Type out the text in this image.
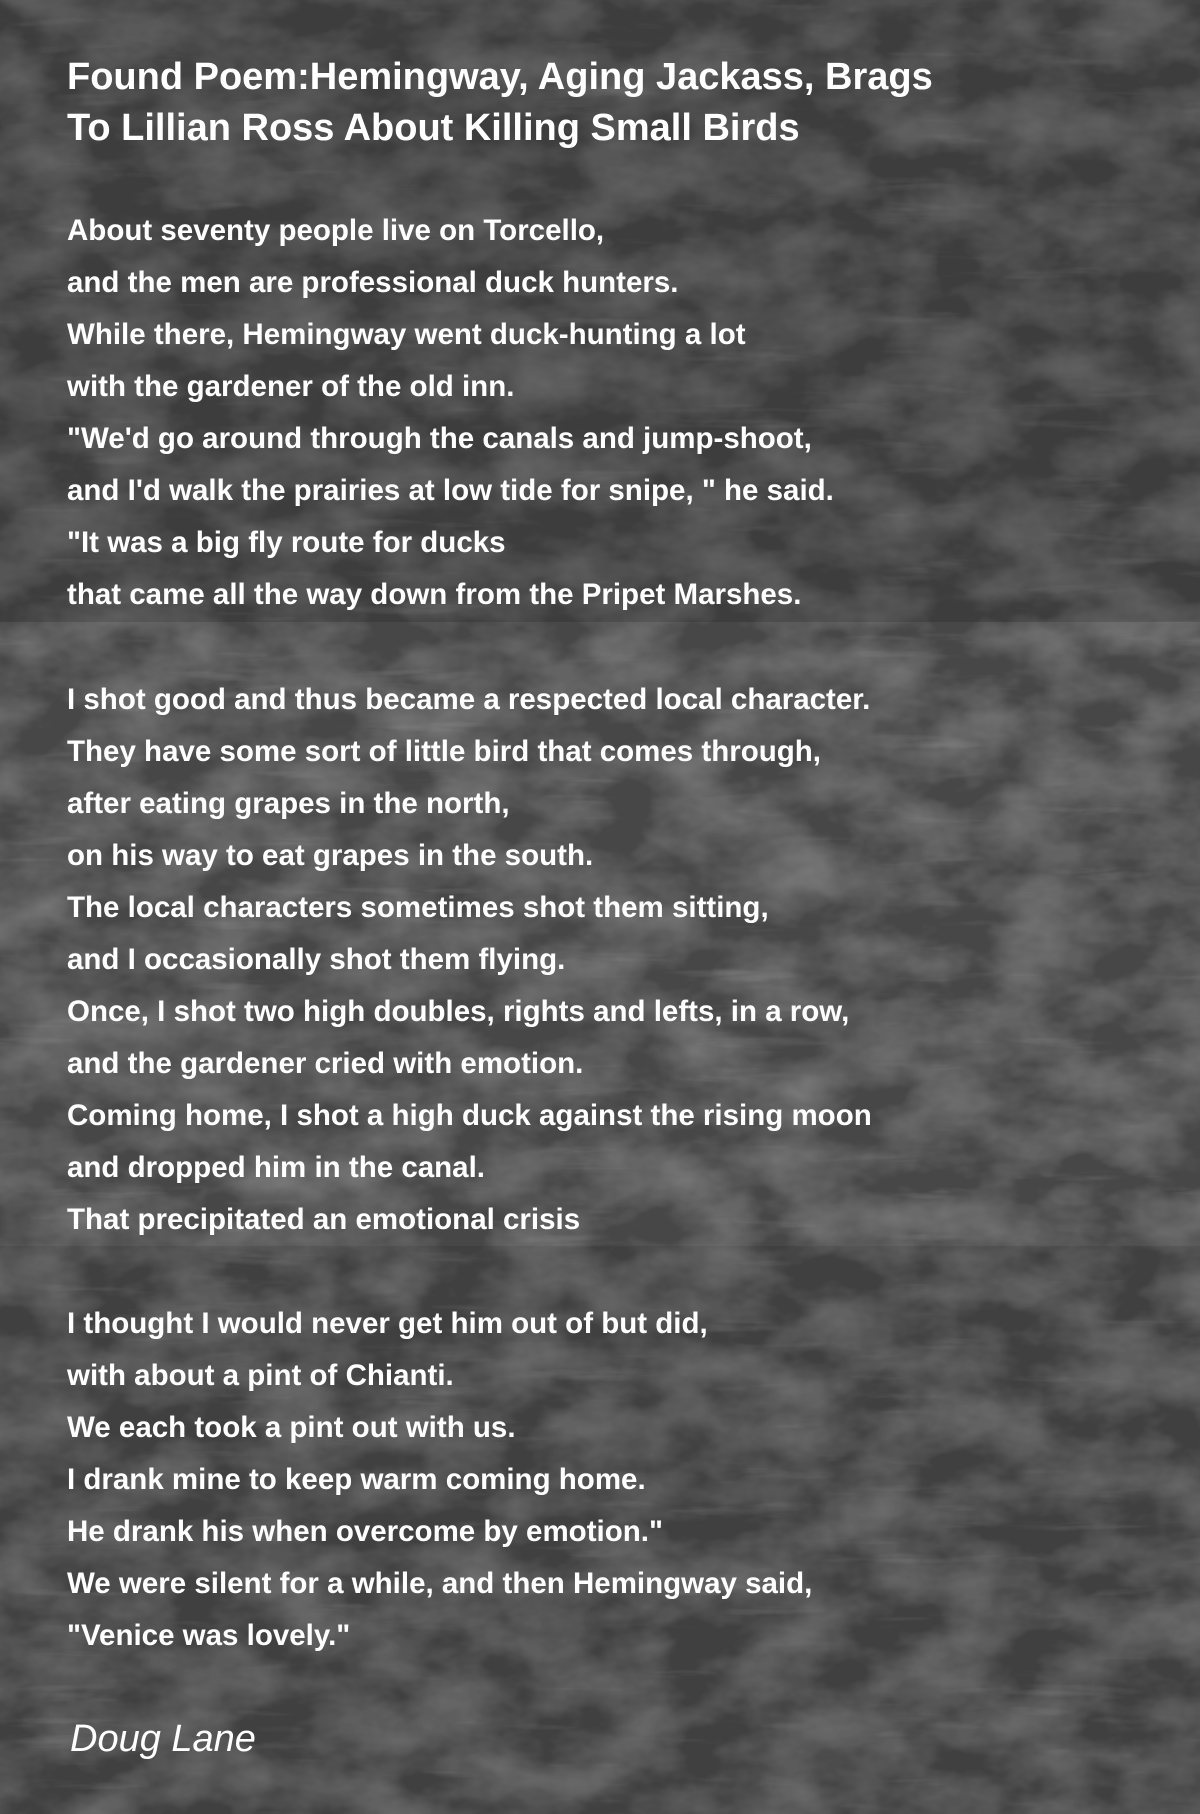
Found Poem:Hemingway, Aging Jackass, Brags
To Lillian Ross About Killing Small Birds
About seventy people live on Torcello,
and the men are professional duck hunters.
While there, Hemingway went duck-hunting a lot
with the gardener of the old inn.
"We'd go around through the canals and jump-shoot,
and I'd walk the prairies at low tide for snipe, " he said.
"It was a big fly route for ducks
that came all the way down from the Pripet Marshes.
I shot good and thus became a respected local character.
They have some sort of little bird that comes through,
after eating grapes in the north,
on his way to eat grapes in the south.
The local characters sometimes shot them sitting,
and I occasionally shot them flying.
Once, I shot two high doubles, rights and lefts, in a row,
and the gardener cried with emotion.
Coming home, I shot a high duck against the rising moon
and dropped him in the canal.
That precipitated an emotional crisis
I thought I would never get him out of but did,
with about a pint of Chianti.
We each took a pint out with us.
I drank mine to keep warm coming home.
He drank his when overcome by emotion."
We were silent for a while, and then Hemingway said,
"Venice was lovely."
Doug Lane
